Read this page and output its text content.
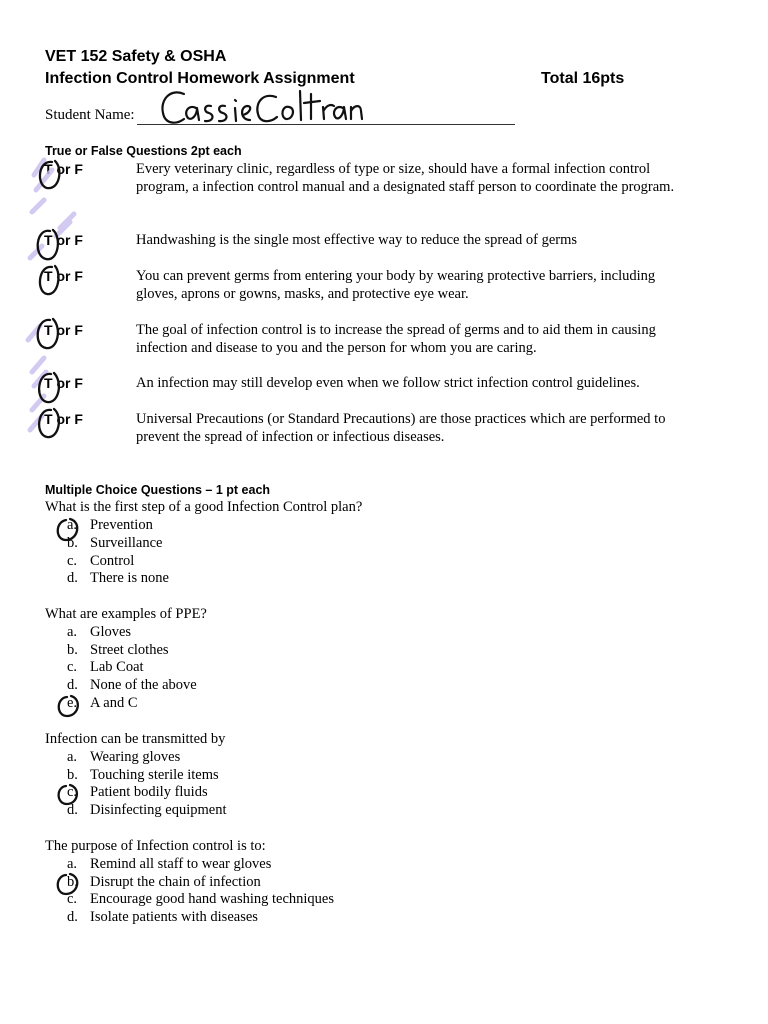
VET 152 Safety & OSHA
Infection Control Homework Assignment	Total 16pts
Student Name:
True or False Questions 2pt each
T or F	Every veterinary clinic, regardless of type or size, should have a formal infection control program, a infection control manual and a designated staff person to coordinate the program.
T or F	Handwashing is the single most effective way to reduce the spread of germs
T or F	You can prevent germs from entering your body by wearing protective barriers, including gloves, aprons or gowns, masks, and protective eye wear.
T or F	The goal of infection control is to increase the spread of germs and to aid them in causing infection and disease to you and the person for whom you are caring.
T or F	An infection may still develop even when we follow strict infection control guidelines.
T or F	Universal Precautions (or Standard Precautions) are those practices which are performed to prevent the spread of infection or infectious diseases.
Multiple Choice Questions – 1 pt each
What is the first step of a good Infection Control plan?
a. Prevention
b. Surveillance
c. Control
d. There is none
What are examples of PPE?
a. Gloves
b. Street clothes
c. Lab Coat
d. None of the above
e. A and C
Infection can be transmitted by
a. Wearing gloves
b. Touching sterile items
c. Patient bodily fluids
d. Disinfecting equipment
The purpose of Infection control is to:
a. Remind all staff to wear gloves
b. Disrupt the chain of infection
c. Encourage good hand washing techniques
d. Isolate patients with diseases
